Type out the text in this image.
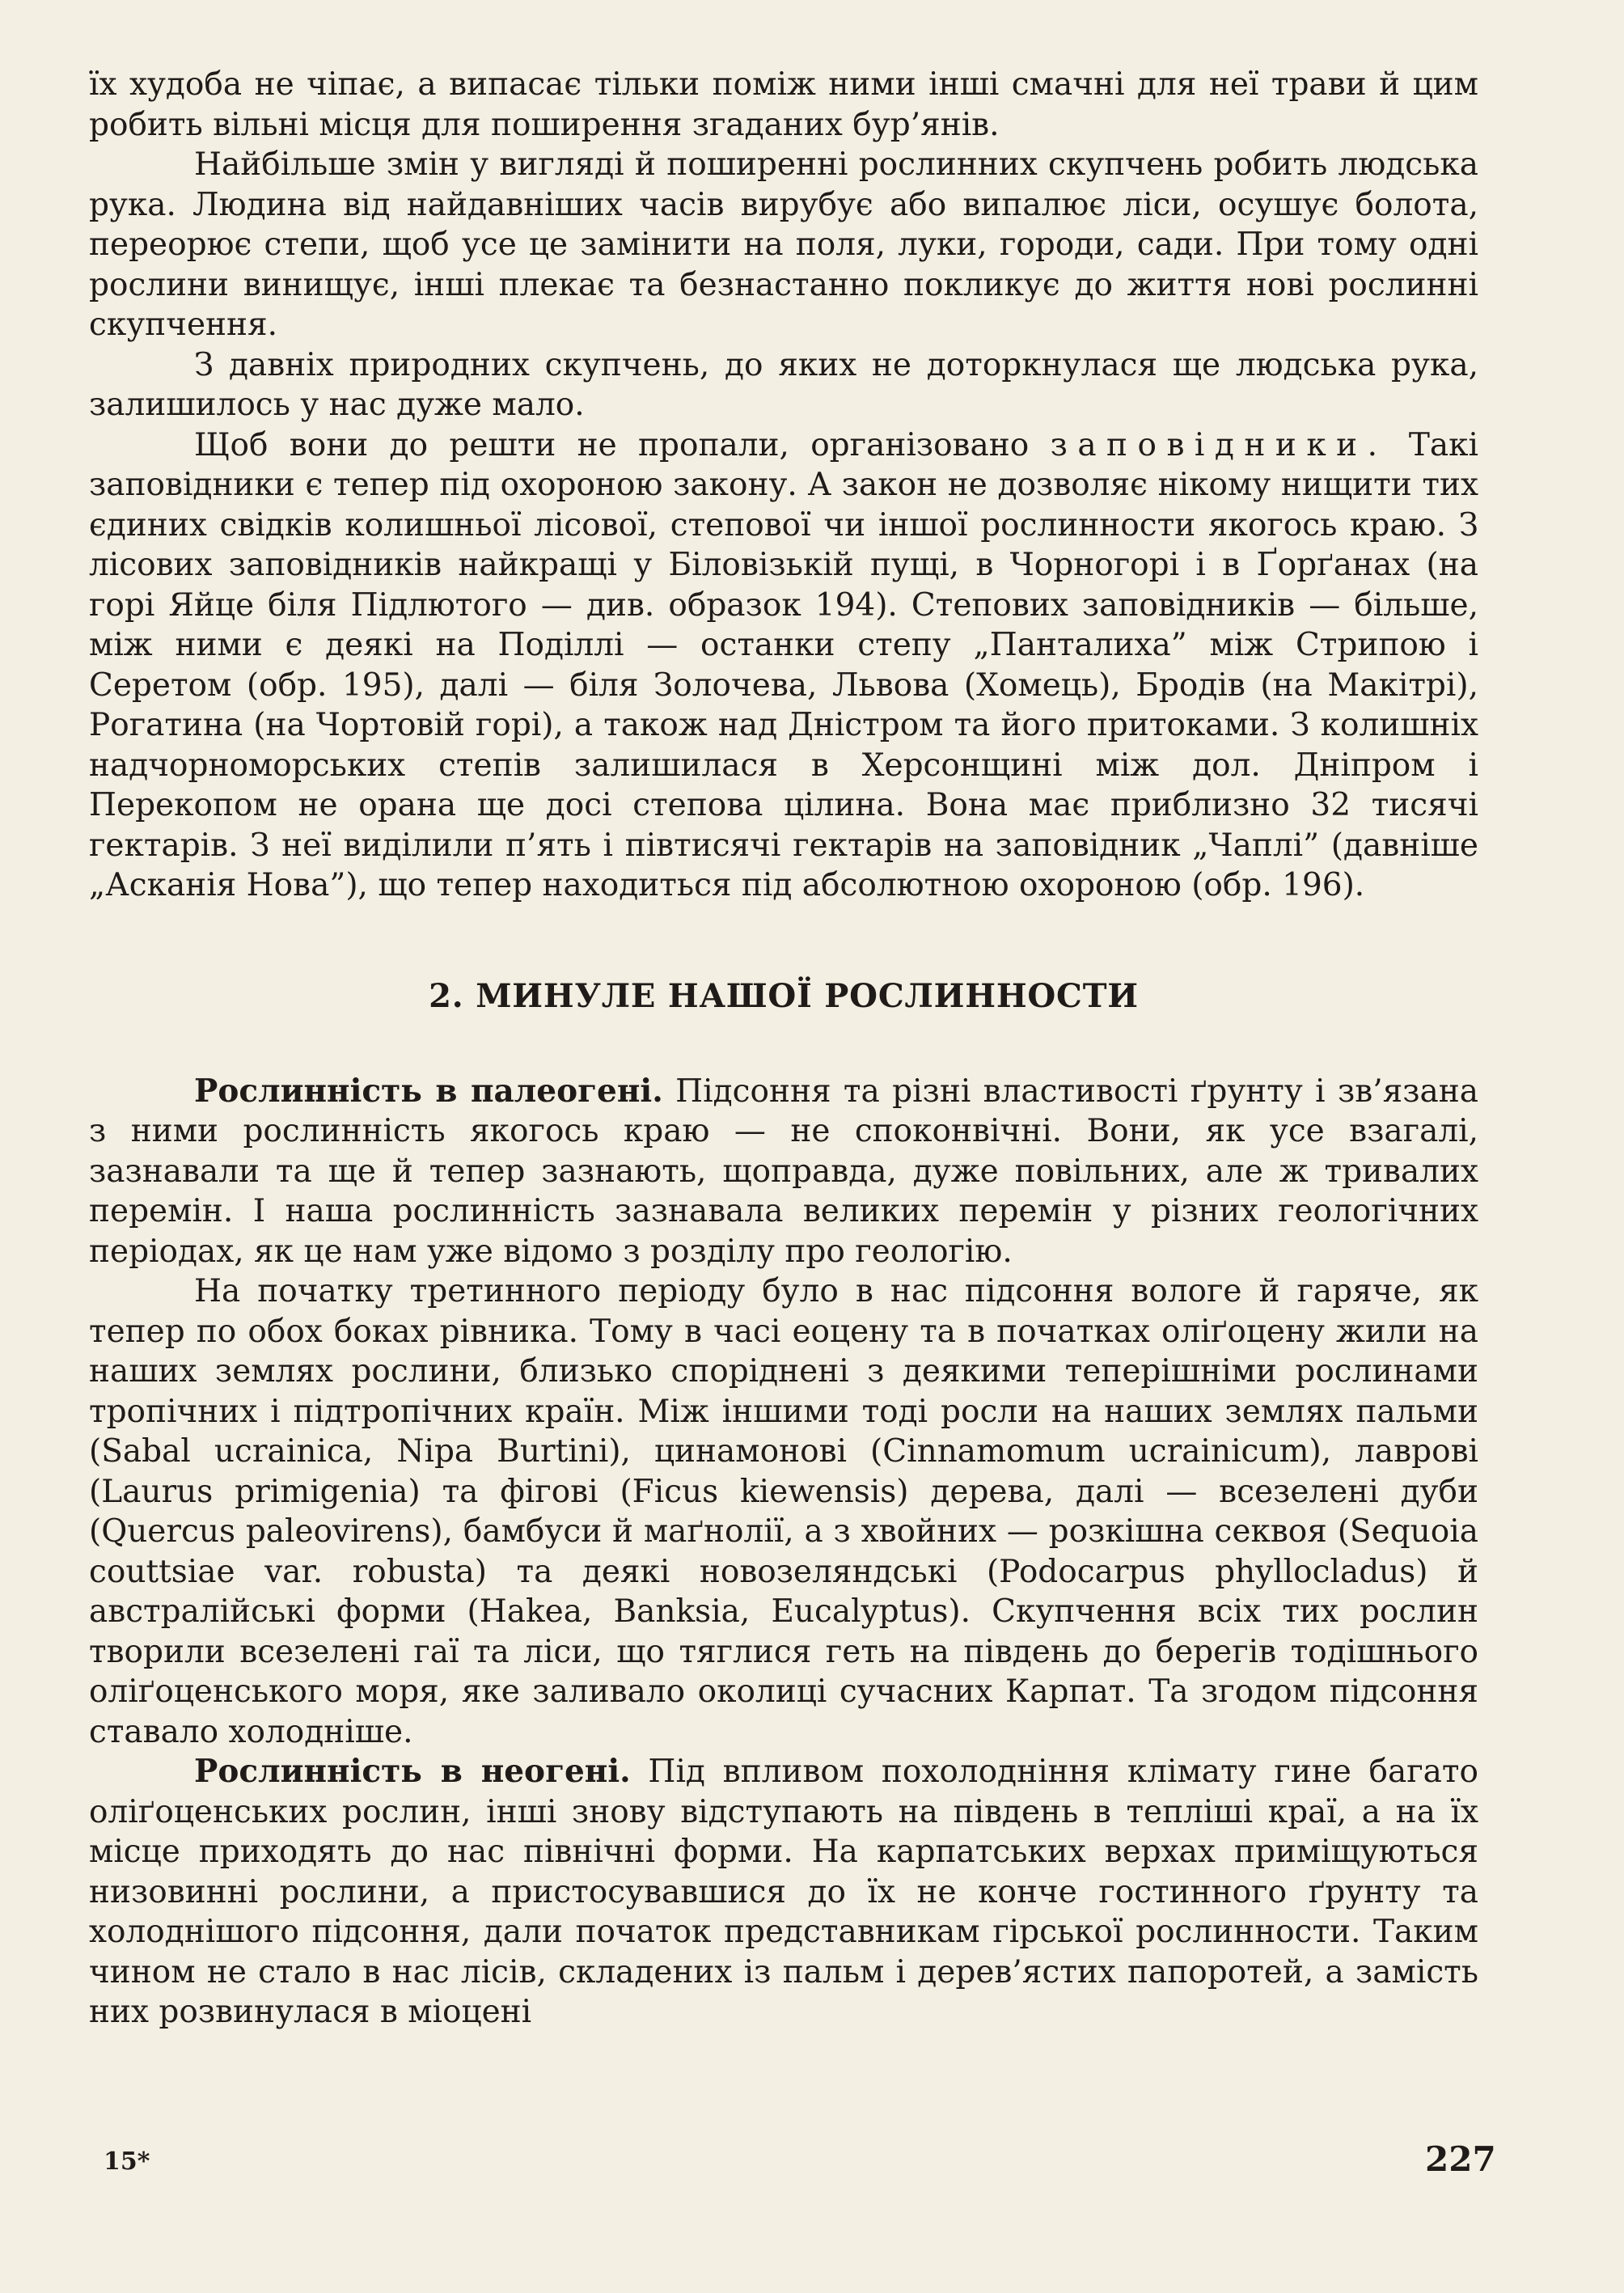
їх худоба не чіпає, а випасає тільки поміж ними інші смачні для неї трави й цим робить вільні місця для поширення згаданих бур’янів.

Найбільше змін у вигляді й поширенні рослинних скупчень робить людська рука. Людина від найдавніших часів вирубує або випалює ліси, осушує болота, переорює степи, щоб усе це замінити на поля, луки, городи, сади. При тому одні рослини винищує, інші плекає та безнастанно покликує до життя нові рослинні скупчення.

З давніх природних скупчень, до яких не доторкнулася ще людська рука, залишилось у нас дуже мало.

Щоб вони до решти не пропали, організовано заповідники. Такі заповідники є тепер під охороною закону. А закон не дозволяє нікому нищити тих єдиних свідків колишньої лісової, степової чи іншої рослинности якогось краю. З лісових заповідників найкращі у Біловізькій пущі, в Чорногорі і в Ґорґанах (на горі Яйце біля Підлютого — див. образок 194). Степових заповідників — більше, між ними є деякі на Поділлі — останки степу „Панталиха” між Стрипою і Серетом (обр. 195), далі — біля Золочева, Львова (Хомець), Бродів (на Макітрі), Рогатина (на Чортовій горі), а також над Дністром та його притоками. З колишніх надчорноморських степів залишилася в Херсонщині між дол. Дніпром і Перекопом не орана ще досі степова цілина. Вона має приблизно 32 тисячі гектарів. З неї виділили п’ять і півтисячі гектарів на заповідник „Чаплі” (давніше „Асканія Нова”), що тепер находиться під абсолютною охороною (обр. 196).

2. МИНУЛЕ НАШОЇ РОСЛИННОСТИ

Рослинність в палеогені. Підсоння та різні властивості ґрунту і зв’язана з ними рослинність якогось краю — не споконвічні. Вони, як усе взагалі, зазнавали та ще й тепер зазнають, щоправда, дуже повільних, але ж тривалих перемін. І наша рослинність зазнавала великих перемін у різних геологічних періодах, як це нам уже відомо з розділу про геологію.

На початку третинного періоду було в нас підсоння вологе й гаряче, як тепер по обох боках рівника. Тому в часі еоцену та в початках оліґоцену жили на наших землях рослини, близько споріднені з деякими теперішніми рослинами тропічних і підтропічних країн. Між іншими тоді росли на наших землях пальми (Sabal ucrainica, Nipa Burtini), цинамонові (Cinnamomum ucrainicum), лаврові (Laurus primigenia) та фігові (Ficus kiewensis) дерева, далі — всезелені дуби (Quercus paleovirens), бамбуси й маґнолії, а з хвойних — розкішна секвоя (Sequoia couttsiae var. robusta) та деякі новозеляндські (Podocarpus phyllocladus) й австралійські форми (Hakea, Banksia, Eucalyptus). Скупчення всіх тих рослин творили всезелені гаї та ліси, що тяглися геть на південь до берегів тодішнього оліґоценського моря, яке заливало околиці сучасних Карпат. Та згодом підсоння ставало холодніше.

Рослинність в неогені. Під впливом похолодніння клімату гине багато оліґоценських рослин, інші знову відступають на південь в тепліші краї, а на їх місце приходять до нас північні форми. На карпатських верхах приміщуються низовинні рослини, а пристосувавшися до їх не конче гостинного ґрунту та холоднішого підсоння, дали початок представникам гірської рослинности. Таким чином не стало в нас лісів, складених із пальм і дерев’ястих папоротей, а замість них розвинулася в міоцені

15*	227
